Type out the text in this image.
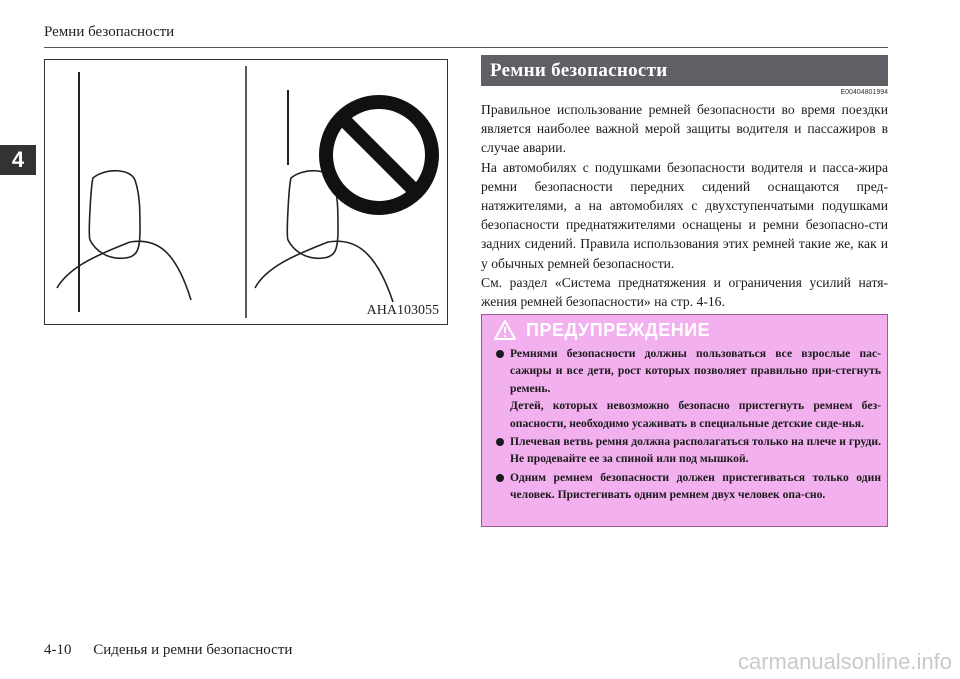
Ремни безопасности
4
AHA103055
Ремни безопасности
E00404801994

Правильное использование ремней безопасности во время поездки является наиболее важной мерой защиты водителя и пассажиров в случае аварии.

На автомобилях с подушками безопасности водителя и пасса-жира ремни безопасности передних сидений оснащаются пред-натяжителями, а на автомобилях с двухступенчатыми подушками безопасности преднатяжителями оснащены и ремни безопасно-сти задних сидений. Правила использования этих ремней такие же, как и у обычных ремней безопасности.

См. раздел «Система преднатяжения и ограничения усилий натя-жения ремней безопасности» на стр. 4-16.

ПРЕДУПРЕЖДЕНИЕ

Ремнями безопасности должны пользоваться все взрослые пас-сажиры и все дети, рост которых позволяет правильно при-стегнуть ремень.

Детей, которых невозможно безопасно пристегнуть ремнем без-опасности, необходимо усаживать в специальные детские сиде-нья.

Плечевая ветвь ремня должна располагаться только на плече и груди. Не продевайте ее за спиной или под мышкой.

Одним ремнем безопасности должен пристегиваться только один человек. Пристегивать одним ремнем двух человек опа-сно.

4-10 Сиденья и ремни безопасности	carmanualsonline.info
